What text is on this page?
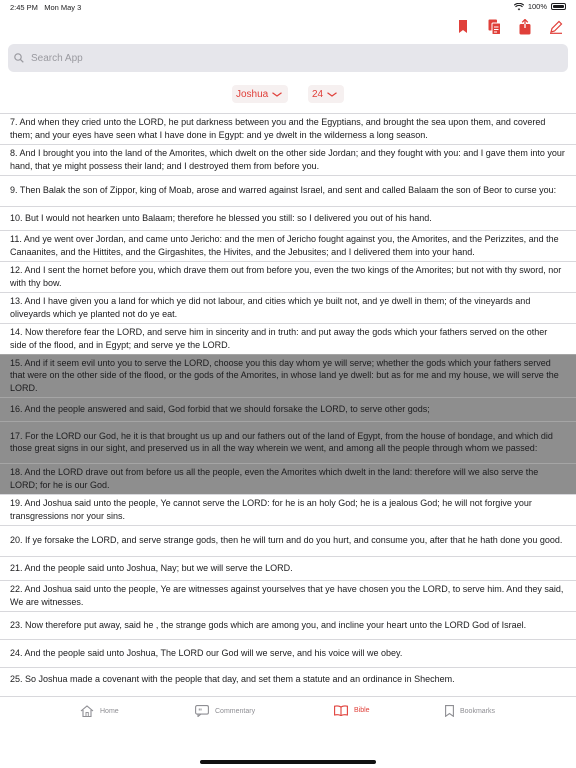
2:45 PM Mon May 3	100%
Search App
Joshua	24
7. And when they cried unto the LORD, he put darkness between you and the Egyptians, and brought the sea upon them, and covered them; and your eyes have seen what I have done in Egypt: and ye dwelt in the wilderness a long season.
8. And I brought you into the land of the Amorites, which dwelt on the other side Jordan; and they fought with you: and I gave them into your hand, that ye might possess their land; and I destroyed them from before you.
9. Then Balak the son of Zippor, king of Moab, arose and warred against Israel, and sent and called Balaam the son of Beor to curse you:
10. But I would not hearken unto Balaam; therefore he blessed you still: so I delivered you out of his hand.
11. And ye went over Jordan, and came unto Jericho: and the men of Jericho fought against you, the Amorites, and the Perizzites, and the Canaanites, and the Hittites, and the Girgashites, the Hivites, and the Jebusites; and I delivered them into your hand.
12. And I sent the hornet before you, which drave them out from before you, even the two kings of the Amorites; but not with thy sword, nor with thy bow.
13. And I have given you a land for which ye did not labour, and cities which ye built not, and ye dwell in them; of the vineyards and oliveyards which ye planted not do ye eat.
14. Now therefore fear the LORD, and serve him in sincerity and in truth: and put away the gods which your fathers served on the other side of the flood, and in Egypt; and serve ye the LORD.
15. And if it seem evil unto you to serve the LORD, choose you this day whom ye will serve; whether the gods which your fathers served that were on the other side of the flood, or the gods of the Amorites, in whose land ye dwell: but as for me and my house, we will serve the LORD.
16. And the people answered and said, God forbid that we should forsake the LORD, to serve other gods;
17. For the LORD our God, he it is that brought us up and our fathers out of the land of Egypt, from the house of bondage, and which did those great signs in our sight, and preserved us in all the way wherein we went, and among all the people through whom we passed:
18. And the LORD drave out from before us all the people, even the Amorites which dwelt in the land: therefore will we also serve the LORD; for he is our God.
19. And Joshua said unto the people, Ye cannot serve the LORD: for he is an holy God; he is a jealous God; he will not forgive your transgressions nor your sins.
20. If ye forsake the LORD, and serve strange gods, then he will turn and do you hurt, and consume you, after that he hath done you good.
21. And the people said unto Joshua, Nay; but we will serve the LORD.
22. And Joshua said unto the people, Ye are witnesses against yourselves that ye have chosen you the LORD, to serve him. And they said, We are witnesses.
23. Now therefore put away, said he , the strange gods which are among you, and incline your heart unto the LORD God of Israel.
24. And the people said unto Joshua, The LORD our God will we serve, and his voice will we obey.
25. So Joshua made a covenant with the people that day, and set them a statute and an ordinance in Shechem.
Home	Commentary	Bible	Bookmarks
